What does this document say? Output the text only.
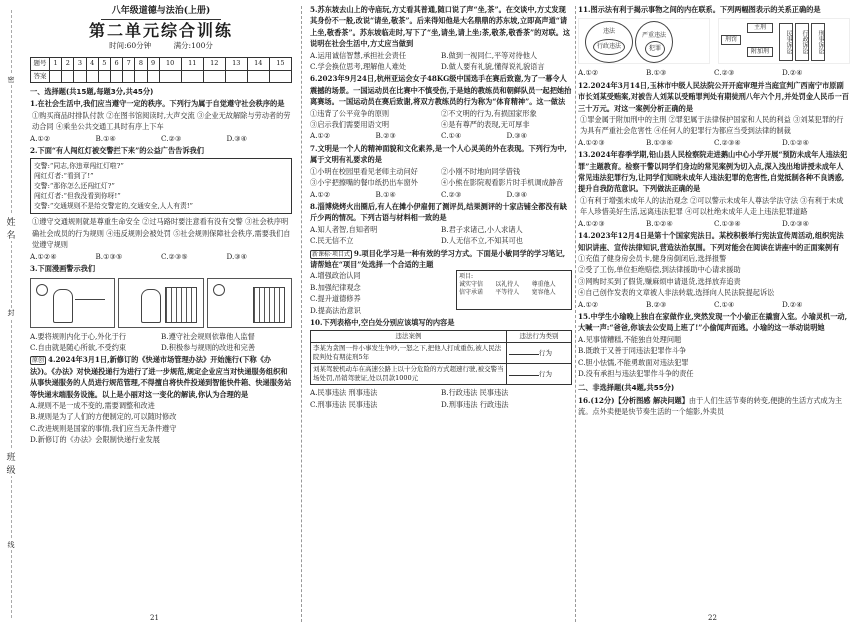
姓名
班级
密
封
线
八年级道德与法治(上册)
第二单元综合训练
时间:60分钟	满分:100分
题号	1	2	3	4	5	6	7	8	9	10	11	12	13	14	15
答案															
一、选择题(共15题,每题3分,共45分)
1.在社会生活中,我们应当遵守一定的秩序。下列行为属于自觉遵守社会秩序的是
①购买商品时排队付款 ②在图书馆阅读时,大声交流 ③企业无故解除与劳动者的劳动合同 ④乘坐公共交通工具时有序上下车
A.①②	B.①④	C.②③	D.③④
2.下面“有人闯红灯被交警拦下来”的公益广告告诉我们
交警:“同志,你违章闯红灯啦?”
闯红灯者:“看到了!”
交警:“那你怎么还闯红灯?”
闯红灯者:“但我没看到你呀!”
交警:“交通规则不是给交警定的,交通安全,人人有责!”
①遵守交通规则就是尊重生命安全 ②过马路时要注意看有没有交警 ③社会秩序明确社会成员的行为规则 ④违反规则会被处罚 ⑤社会规则保障社会秩序,需要我们自觉遵守规则
A.①②④	B.①③⑤	C.②③⑤	D.③④
3.下面漫画警示我们
A.要将规则内化于心,外化于行	B.遵守社会规则依靠他人监督
C.自由就是随心所欲,不受约束	D.积极参与规则的改进和完善
原创 4.2024年3月1日,新修订的《快递市场管理办法》开始施行(下称《办法》)。《办法》对快递投递行为进行了进一步规范,规定企业应当对快递服务组织和从事快递服务的人员进行规范管理,不得擅自将快件投递到智能快件箱、快递服务站等快递末端服务设施。以上是小丽对这一变化的解读,你认为合理的是
A.规则不是一成不变的,需要调整和改进
B.规则是为了人们的方便制定的,可以随时修改
C.改进规则是国家的事情,我们应当无条件遵守
D.新修订的《办法》会限制快递行业发展
21
5.苏东坡去山上的寺庙玩,方丈看其普通,随口说了声“坐,茶”。在交谈中,方丈发现其身份不一般,改说“请坐,敬茶”。后来得知他是大名鼎鼎的苏东坡,立即高声道“请上坐,敬香茶”。苏东坡临走时,写下了“坐,请坐,请上坐;茶,敬茶,敬香茶”的对联。这说明在社会生活中,方丈应当做到
A.运用诚信智慧,承担社会责任	B.做到一视同仁,平等对待他人
C.学会换位思考,理解他人难处	D.做人要有礼貌,懂得说礼貌语言
6.2023年9月24日,杭州亚运会女子48KG级中国选手在赛后致谢,为了一幕令人震撼的场景。一国运动员在比赛中不慎受伤,于是她的教练员和朝鲜队员一起把她抬离赛场。一国运动员在赛后致谢,将双方教练员的行为称为“体育精神”。这一做法
①违背了公平竞争的原则	②不文明的行为,有损国家形象
③启示我们需要用语文明	④是有尊严的表现,无可厚非
A.①②	B.②③	C.①④	D.③④
7.文明是一个人的精神面貌和文化素养,是一个人心灵美的外在表现。下列行为中,属于文明有礼要求的是
①小明在校园里看见老师主动问好	②小刚不时地向同学借钱
③小宇把擦嘴的餐巾纸扔出车窗外	④小熊在影院观看影片时手机调成静音
A.①②	B.①④	C.②③	D.③④
8.淄博烧烤火出圈后,有人在摊小伊雇佣了测评员,结果测评的十家店铺全都没有缺斤少两的情况。下列古语与材料相一致的是
A.知人者智,自知者明	B.君子求诸己,小人求诸人
C.民无信不立	D.人无信不立,不知其可也
新课标·项目式 9.项目化学习是一种有效的学习方式。下面是小敏同学的学习笔记,请帮她在“项目”处选择一个合适的主题
项目:
诚实守信	以礼待人	尊重他人
信守承诺	平等待人	宽容他人
A.增强政治认同
B.加强纪律观念
C.提升道德修养
D.提高法治意识
10.下列表格中,空白处分别应该填写的内容是
违法案例	违法行为类别
李某为贪图一件小事发生争吵,一怒之下,把他人打成重伤,被人民法院判处有期徒刑5年	行为
刘某驾驶机动车在高速公路上以十分危险的方式超速行驶,被交警当场处罚,吊销驾驶证,处以罚款1000元	行为
A.民事违法 刑事违法	B.行政违法 民事违法
C.刑事违法 民事违法	D.刑事违法 行政违法
11.图示法有利于揭示事物之间的内在联系。下列两幅图表示的关系正确的是
违法
行政违法
严重违法
犯罪
刑罚
主刑
附加刑	民事诉讼	行政诉讼	刑事诉讼
A.①②	B.①③	C.②③	D.②④
12.2024年3月14日,玉林市中级人民法院公开开庭审理并当庭宣判广西南宁市原副市长刘某受贿案,对被告人刘某以受贿罪判处有期徒刑八年六个月,并处罚金人民币一百三十万元。对这一案例分析正确的是
①罪金属于附加刑中的主刑 ②罪犯属于法律保护国家和人民的利益 ③刘某犯罪的行为具有严重社会危害性 ④任何人的犯罪行为都应当受到法律的制裁
A.①②③	B.①③④	C.②③④	D.①②④
13.2024年春季学期,铅山县人民检察院走进鹅山中心小学开展“预防未成年人违法犯罪”主题教育。检察干警以同学们身边的常见案例为切入点,深入浅出地讲授未成年人常见违法犯罪行为,让同学们知晓未成年人违法犯罪的危害性,自觉抵制各种不良诱惑,提升自我防范意识。下列做法正确的是
①有利于增强未成年人的法治观念 ②可以警示未成年人尊法学法守法 ③有利于未成年人珍惜美好生活,远离违法犯罪 ④可以杜绝未成年人走上违法犯罪道路
A.①②③	B.①②④	C.①③④	D.②③④
14.2023年12月4日是第十个国家宪法日。某校积极举行宪法宣传周活动,组织宪法知识讲座、宣传法律知识,营造法治氛围。下列对能会在阅读在讲座中的正面案例有
①充值了健身房会员卡,健身房倒闭后,选择报警
②受了工伤,单位拒绝赔偿,到法律援助中心请求援助
③网购时买到了假货,赚麻烦申请退货,选择放弃追责
④自己创作发表的文章被人非法转载,选择向人民法院提起诉讼
A.①②	B.②③	C.①④	D.②④
15.中学生小瑜晚上独自在家做作业,突然发现一个小偷正在撬窗入室。小瑜灵机一动,大喊一声:“爸爸,你该去公安局上班了!”小偷闻声而逃。小瑜的这一举动说明她
A.见事情糟糕,不能独自处理问题
B.既敢于又善于同违法犯罪作斗争
C.胆小怯懦,不能勇敢面对违法犯罪
D.没有承担与违法犯罪作斗争的责任
二、非选择题(共4题,共55分)
16.(12分)【分析图感 解决问题】由于人们生活节奏的转变,便捷的生活方式成为主流。点外卖便是快节奏生活的一个缩影,外卖员
22
